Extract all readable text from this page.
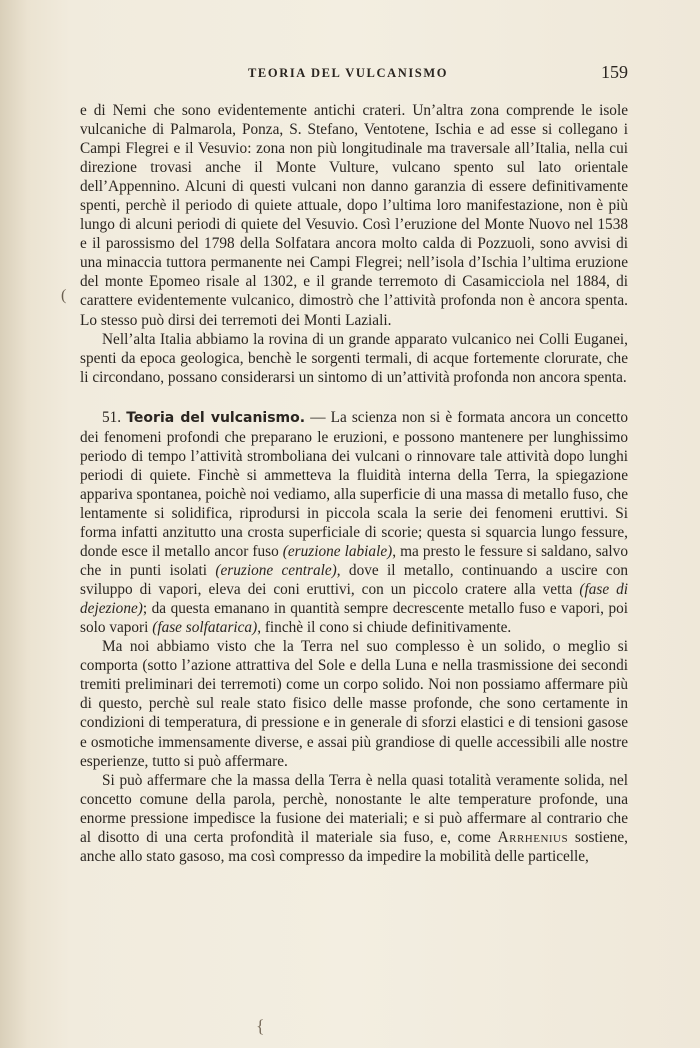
TEORIA DEL VULCANISMO	159
(

e di Nemi che sono evidentemente antichi crateri. Un’altra zona comprende le isole vulcaniche di Palmarola, Ponza, S. Stefano, Ventotene, Ischia e ad esse si collegano i Campi Flegrei e il Vesuvio: zona non più longitudinale ma traversale all’Italia, nella cui direzione trovasi anche il Monte Vulture, vulcano spento sul lato orientale dell’Appennino. Alcuni di questi vulcani non danno garanzia di essere definitivamente spenti, perchè il periodo di quiete attuale, dopo l’ultima loro manifestazione, non è più lungo di alcuni periodi di quiete del Vesuvio. Così l’eruzione del Monte Nuovo nel 1538 e il parossismo del 1798 della Solfatara ancora molto calda di Pozzuoli, sono avvisi di una minaccia tuttora permanente nei Campi Flegrei; nell’isola d’Ischia l’ultima eruzione del monte Epomeo risale al 1302, e il grande terremoto di Casamicciola nel 1884, di carattere evidentemente vulcanico, dimostrò che l’attività profonda non è ancora spenta. Lo stesso può dirsi dei terremoti dei Monti Laziali.

Nell’alta Italia abbiamo la rovina di un grande apparato vulcanico nei Colli Euganei, spenti da epoca geologica, benchè le sorgenti termali, di acque fortemente clorurate, che li circondano, possano considerarsi un sintomo di un’attività profonda non ancora spenta.

51. Teoria del vulcanismo. — La scienza non si è formata ancora un concetto dei fenomeni profondi che preparano le eruzioni, e possono mantenere per lunghissimo periodo di tempo l’attività stromboliana dei vulcani o rinnovare tale attività dopo lunghi periodi di quiete. Finchè si ammetteva la fluidità interna della Terra, la spiegazione appariva spontanea, poichè noi vediamo, alla superficie di una massa di metallo fuso, che lentamente si solidifica, riprodursi in piccola scala la serie dei fenomeni eruttivi. Si forma infatti anzitutto una crosta superficiale di scorie; questa si squarcia lungo fessure, donde esce il metallo ancor fuso (eruzione labiale), ma presto le fessure si saldano, salvo che in punti isolati (eruzione centrale), dove il metallo, continuando a uscire con sviluppo di vapori, eleva dei coni eruttivi, con un piccolo cratere alla vetta (fase di dejezione); da questa emanano in quantità sempre decrescente metallo fuso e vapori, poi solo vapori (fase solfatarica), finchè il cono si chiude definitivamente.

Ma noi abbiamo visto che la Terra nel suo complesso è un solido, o meglio si comporta (sotto l’azione attrattiva del Sole e della Luna e nella trasmissione dei secondi tremiti preliminari dei terremoti) come un corpo solido. Noi non possiamo affermare più di questo, perchè sul reale stato fisico delle masse profonde, che sono certamente in condizioni di temperatura, di pressione e in generale di sforzi elastici e di tensioni gasose e osmotiche immensamente diverse, e assai più grandiose di quelle accessibili alle nostre esperienze, tutto si può affermare.

Si può affermare che la massa della Terra è nella quasi totalità veramente solida, nel concetto comune della parola, perchè, nonostante le alte temperature profonde, una enorme pressione impedisce la fusione dei materiali; e si può affermare al contrario che al disotto di una certa profondità il materiale sia fuso, e, come Arrhenius sostiene, anche allo stato gasoso, ma così compresso da impedire la mobilità delle particelle,

{
